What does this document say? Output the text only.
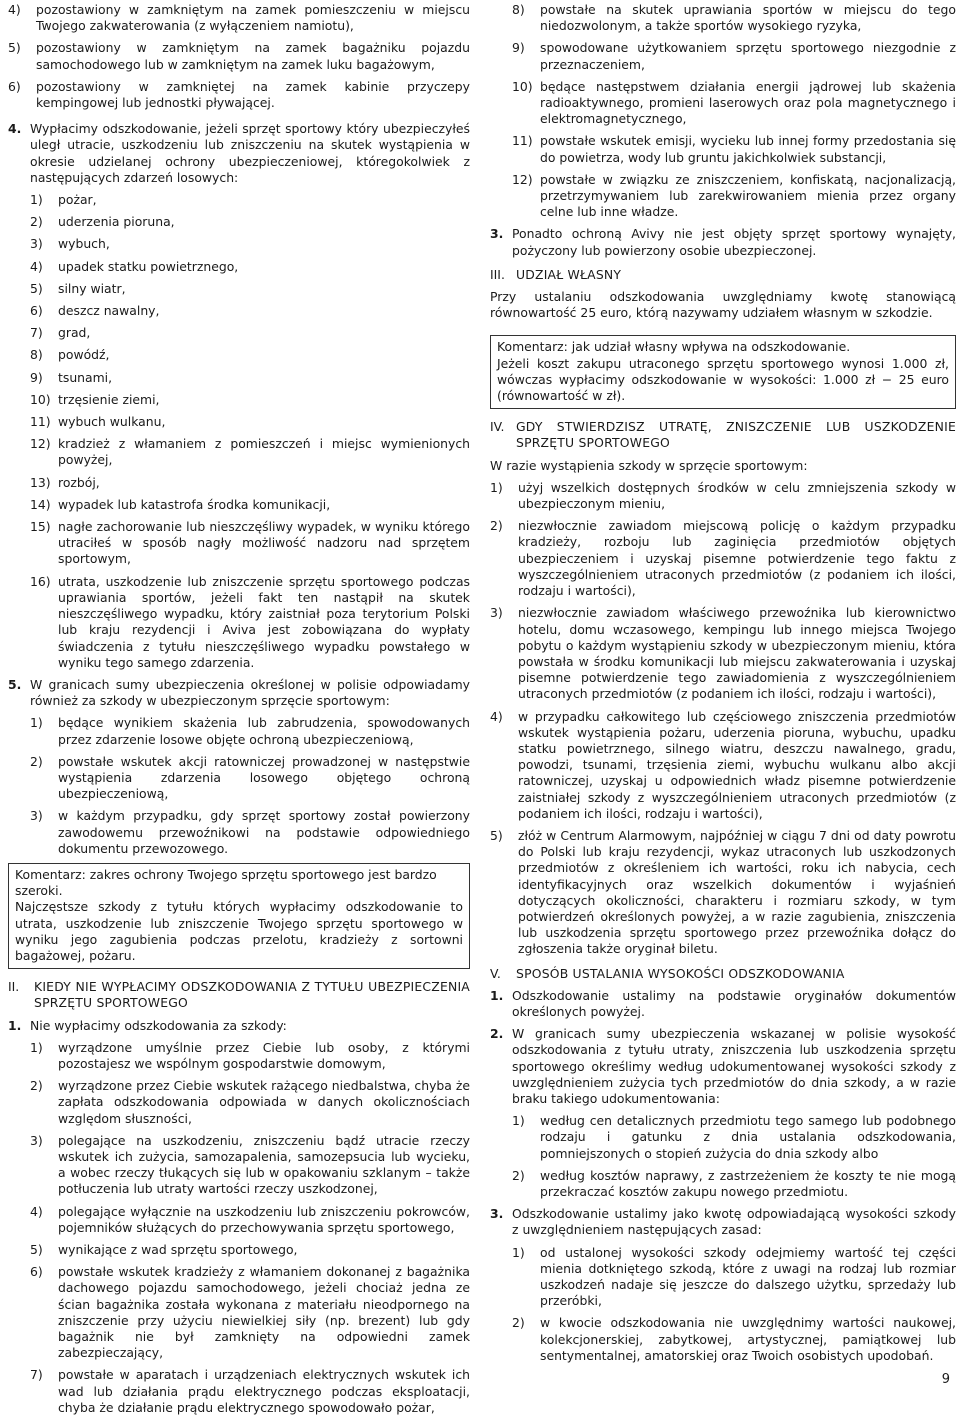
4)	pozostawiony w zamkniętym na zamek pomieszczeniu w miejscu Twojego zakwaterowania (z wyłączeniem namiotu),
5)	pozostawiony w zamkniętym na zamek bagażniku pojazdu samochodowego lub w zamkniętym na zamek luku bagażowym,
6)	pozostawiony w zamkniętej na zamek kabinie przyczepy kempingowej lub jednostki pływającej.
4. Wypłacimy odszkodowanie, jeżeli sprzęt sportowy który ubezpieczyłeś uległ utracie, uszkodzeniu lub zniszczeniu na skutek wystąpienia w okresie udzielanej ochrony ubezpieczeniowej, któregokolwiek z następujących zdarzeń losowych:
1)	pożar,
2)	uderzenia pioruna,
3)	wybuch,
4)	upadek statku powietrznego,
5)	silny wiatr,
6)	deszcz nawalny,
7)	grad,
8)	powódź,
9)	tsunami,
10) trzęsienie ziemi,
11) wybuch wulkanu,
12) kradzież z włamaniem z pomieszczeń i miejsc wymienionych powyżej,
13) rozbój,
14) wypadek lub katastrofa środka komunikacji,
15) nagłe zachorowanie lub nieszczęśliwy wypadek, w wyniku którego utraciłeś w sposób nagły możliwość nadzoru nad sprzętem sportowym,
16) utrata, uszkodzenie lub zniszczenie sprzętu sportowego podczas uprawiania sportów, jeżeli fakt ten nastąpił na skutek nieszczęśliwego wypadku, który zaistniał poza terytorium Polski lub kraju rezydencji i Aviva jest zobowiązana do wypłaty świadczenia z tytułu nieszczęśliwego wypadku powstałego w wyniku tego samego zdarzenia.
5. W granicach sumy ubezpieczenia określonej w polisie odpowiadamy również za szkody w ubezpieczonym sprzęcie sportowym:
1)	będące wynikiem skażenia lub zabrudzenia, spowodowanych przez zdarzenie losowe objęte ochroną ubezpieczeniową,
2)	powstałe wskutek akcji ratowniczej prowadzonej w następstwie wystąpienia zdarzenia losowego objętego ochroną ubezpieczeniową,
3)	w każdym przypadku, gdy sprzęt sportowy został powierzony zawodowemu przewoźnikowi na podstawie odpowiedniego dokumentu przewozowego.
Komentarz: zakres ochrony Twojego sprzętu sportowego jest bardzo szeroki.
Najczęstsze szkody z tytułu których wypłacimy odszkodowanie to utrata, uszkodzenie lub zniszczenie Twojego sprzętu sportowego w wyniku jego zagubienia podczas przelotu, kradzieży z sortowni bagażowej, pożaru.
II.	KIEDY NIE WYPŁACIMY ODSZKODOWANIA Z TYTUŁU UBEZPIECZENIA SPRZĘTU SPORTOWEGO
1. Nie wypłacimy odszkodowania za szkody:
1)	wyrządzone umyślnie przez Ciebie lub osoby, z którymi pozostajesz we wspólnym gospodarstwie domowym,
2)	wyrządzone przez Ciebie wskutek rażącego niedbalstwa, chyba że zapłata odszkodowania odpowiada w danych okolicznościach względom słuszności,
3)	polegające na uszkodzeniu, zniszczeniu bądź utracie rzeczy wskutek ich zużycia, samozapalenia, samozepsucia lub wycieku, a wobec rzeczy tłukących się lub w opakowaniu szklanym – także potłuczenia lub utraty wartości rzeczy uszkodzonej,
4)	polegające wyłącznie na uszkodzeniu lub zniszczeniu pokrowców, pojemników służących do przechowywania sprzętu sportowego,
5)	wynikające z wad sprzętu sportowego,
6)	powstałe wskutek kradzieży z włamaniem dokonanej z bagażnika dachowego pojazdu samochodowego, jeżeli chociaż jedna ze ścian bagażnika została wykonana z materiału nieodpornego na zniszczenie przy użyciu niewielkiej siły (np. brezent) lub gdy bagażnik nie był zamknięty na odpowiedni zamek zabezpieczający,
7)	powstałe w aparatach i urządzeniach elektrycznych wskutek ich wad lub działania prądu elektrycznego podczas eksploatacji, chyba że działanie prądu elektrycznego spowodowało pożar,
8)	powstałe na skutek uprawiania sportów w miejscu do tego niedozwolonym, a także sportów wysokiego ryzyka,
9)	spowodowane użytkowaniem sprzętu sportowego niezgodnie z przeznaczeniem,
10) będące następstwem działania energii jądrowej lub skażenia radioaktywnego, promieni laserowych oraz pola magnetycznego i elektromagnetycznego,
11) powstałe wskutek emisji, wycieku lub innej formy przedostania się do powietrza, wody lub gruntu jakichkolwiek substancji,
12) powstałe w związku ze zniszczeniem, konfiskatą, nacjonalizacją, przetrzymywaniem lub zarekwirowaniem mienia przez organy celne lub inne władze.
3. Ponadto ochroną Avivy nie jest objęty sprzęt sportowy wynajęty, pożyczony lub powierzony osobie ubezpieczonej.
III. UDZIAŁ WŁASNY
Przy ustalaniu odszkodowania uwzględniamy kwotę stanowiącą równowartość 25 euro, którą nazywamy udziałem własnym w szkodzie.
Komentarz: jak udział własny wpływa na odszkodowanie.
Jeżeli koszt zakupu utraconego sprzętu sportowego wynosi 1.000 zł, wówczas wypłacimy odszkodowanie w wysokości: 1.000 zł − 25 euro (równowartość w zł).
IV. GDY STWIERDZISZ UTRATĘ, ZNISZCZENIE LUB USZKODZENIE SPRZĘTU SPORTOWEGO
W razie wystąpienia szkody w sprzęcie sportowym:
1)	użyj wszelkich dostępnych środków w celu zmniejszenia szkody w ubezpieczonym mieniu,
2)	niezwłocznie zawiadom miejscową policję o każdym przypadku kradzieży, rozboju lub zaginięcia przedmiotów objętych ubezpieczeniem i uzyskaj pisemne potwierdzenie tego faktu z wyszczególnieniem utraconych przedmiotów (z podaniem ich ilości, rodzaju i wartości),
3)	niezwłocznie zawiadom właściwego przewoźnika lub kierownictwo hotelu, domu wczasowego, kempingu lub innego miejsca Twojego pobytu o każdym wystąpieniu szkody w ubezpieczonym mieniu, która powstała w środku komunikacji lub miejscu zakwaterowania i uzyskaj pisemne potwierdzenie tego zawiadomienia z wyszczególnieniem utraconych przedmiotów (z podaniem ich ilości, rodzaju i wartości),
4)	w przypadku całkowitego lub częściowego zniszczenia przedmiotów wskutek wystąpienia pożaru, uderzenia pioruna, wybuchu, upadku statku powietrznego, silnego wiatru, deszczu nawalnego, gradu, powodzi, tsunami, trzęsienia ziemi, wybuchu wulkanu albo akcji ratowniczej, uzyskaj u odpowiednich władz pisemne potwierdzenie zaistniałej szkody z wyszczególnieniem utraconych przedmiotów (z podaniem ich ilości, rodzaju i wartości),
5)	złóż w Centrum Alarmowym, najpóźniej w ciągu 7 dni od daty powrotu do Polski lub kraju rezydencji, wykaz utraconych lub uszkodzonych przedmiotów z określeniem ich wartości, roku ich nabycia, cech identyfikacyjnych oraz wszelkich dokumentów i wyjaśnień dotyczących okoliczności, charakteru i rozmiaru szkody, w tym potwierdzeń określonych powyżej, a w razie zagubienia, zniszczenia lub uszkodzenia sprzętu sportowego przez przewoźnika dołącz do zgłoszenia także oryginał biletu.
V.	SPOSÓB USTALANIA WYSOKOŚCI ODSZKODOWANIA
1. Odszkodowanie ustalimy na podstawie oryginałów dokumentów określonych powyżej.
2. W granicach sumy ubezpieczenia wskazanej w polisie wysokość odszkodowania z tytułu utraty, zniszczenia lub uszkodzenia sprzętu sportowego określimy według udokumentowanej wysokości szkody z uwzględnieniem zużycia tych przedmiotów do dnia szkody, a w razie braku takiego udokumentowania:
1)	według cen detalicznych przedmiotu tego samego lub podobnego rodzaju i gatunku z dnia ustalania odszkodowania, pomniejszonych o stopień zużycia do dnia szkody albo
2)	według kosztów naprawy, z zastrzeżeniem że koszty te nie mogą przekraczać kosztów zakupu nowego przedmiotu.
3. Odszkodowanie ustalimy jako kwotę odpowiadającą wysokości szkody z uwzględnieniem następujących zasad:
1)	od ustalonej wysokości szkody odejmiemy wartość tej części mienia dotkniętego szkodą, które z uwagi na rodzaj lub rozmiar uszkodzeń nadaje się jeszcze do dalszego użytku, sprzedaży lub przeróbki,
2)	w kwocie odszkodowania nie uwzględnimy wartości naukowej, kolekcjonerskiej, zabytkowej, artystycznej, pamiątkowej lub sentymentalnej, amatorskiej oraz Twoich osobistych upodobań.
9
